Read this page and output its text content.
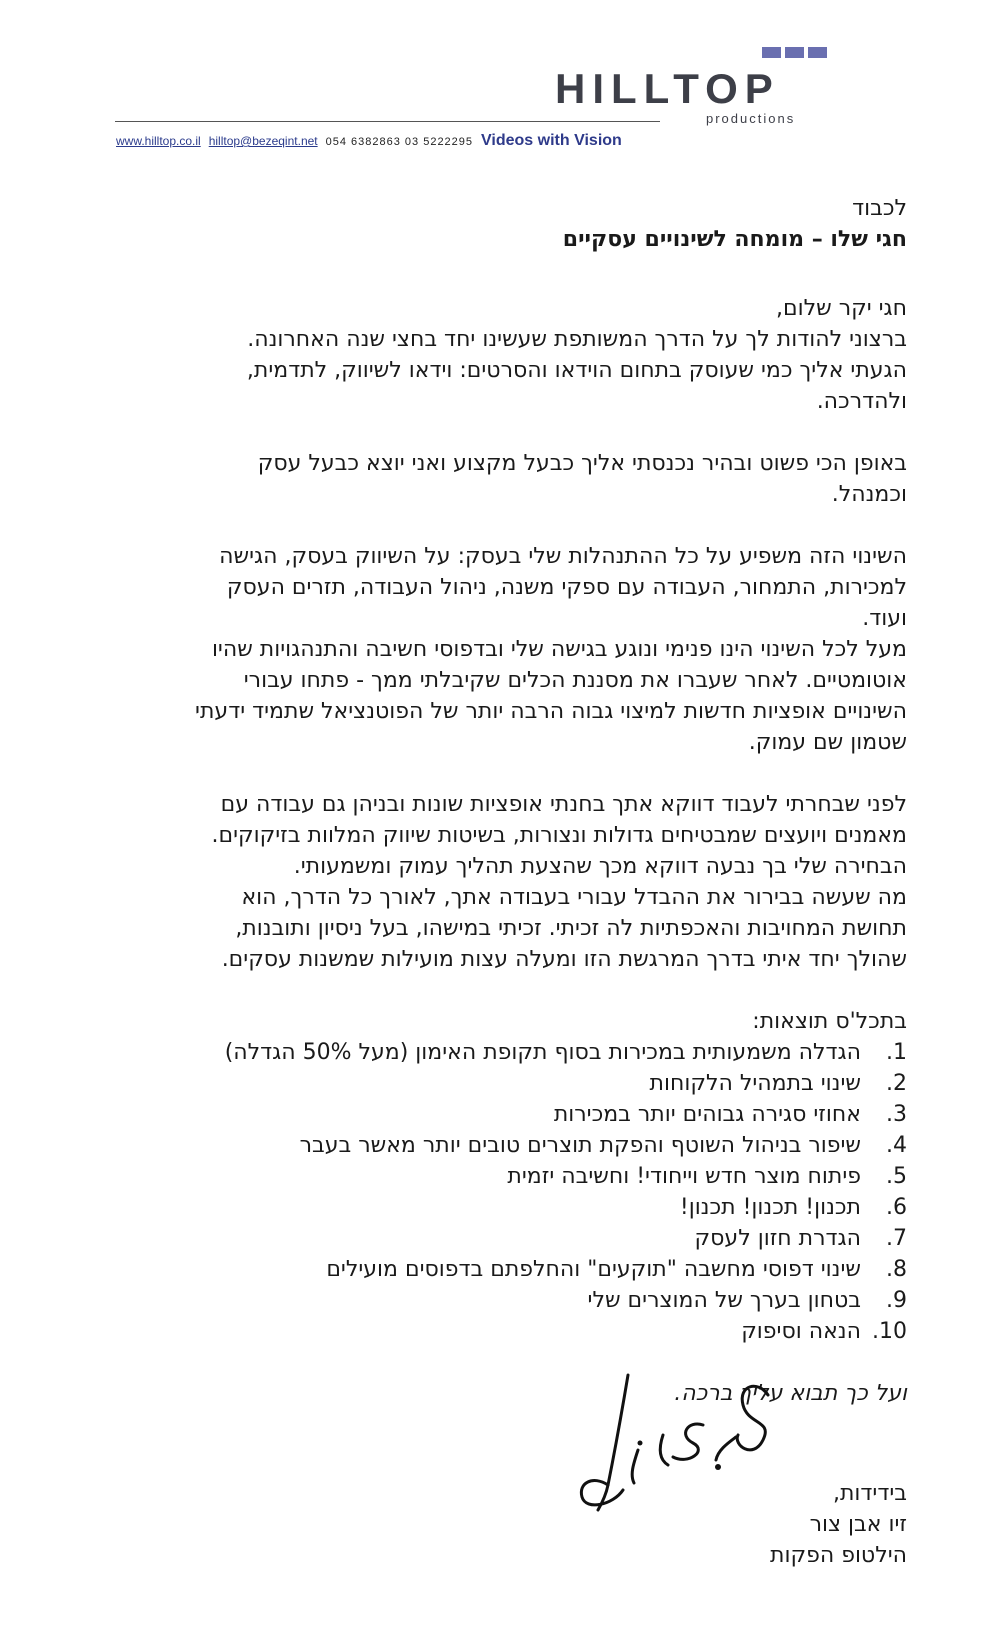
HILLTOP
productions
www.hilltop.co.il hilltop@bezeqint.net 054 6382863 03 5222295 Videos with Vision
לכבוד
חגי שלו – מומחה לשינויים עסקיים
חגי יקר שלום,
ברצוני להודות לך על הדרך המשותפת שעשינו יחד בחצי שנה האחרונה.
הגעתי אליך כמי שעוסק בתחום הוידאו והסרטים: וידאו לשיווק, לתדמית,
ולהדרכה.
באופן הכי פשוט ובהיר נכנסתי אליך כבעל מקצוע ואני יוצא כבעל עסק
וכמנהל.
השינוי הזה משפיע על כל ההתנהלות שלי בעסק: על השיווק בעסק, הגישה
למכירות, התמחור, העבודה עם ספקי משנה, ניהול העבודה, תזרים העסק
ועוד.
מעל לכל השינוי הינו פנימי ונוגע בגישה שלי ובדפוסי חשיבה והתנהגויות שהיו
אוטומטיים. לאחר שעברו את מסננת הכלים שקיבלתי ממך - פתחו עבורי
השינויים אופציות חדשות למיצוי גבוה הרבה יותר של הפוטנציאל שתמיד ידעתי
שטמון שם עמוק.
לפני שבחרתי לעבוד דווקא אתך בחנתי אופציות שונות ובניהן גם עבודה עם
מאמנים ויועצים שמבטיחים גדולות ונצורות, בשיטות שיווק המלוות בזיקוקים.
הבחירה שלי בך נבעה דווקא מכך שהצעת תהליך עמוק ומשמעותי.
מה שעשה בבירור את ההבדל עבורי בעבודה אתך, לאורך כל הדרך, הוא
תחושת המחויבות והאכפתיות לה זכיתי. זכיתי במישהו, בעל ניסיון ותובנות,
שהולך יחד איתי בדרך המרגשת הזו ומעלה עצות מועילות שמשנות עסקים.
בתכל'ס תוצאות:
1.הגדלה משמעותית במכירות בסוף תקופת האימון (מעל 50% הגדלה)
2.שינוי בתמהיל הלקוחות
3.אחוזי סגירה גבוהים יותר במכירות
4.שיפור בניהול השוטף והפקת תוצרים טובים יותר מאשר בעבר
5.פיתוח מוצר חדש וייחודי! וחשיבה יזמית
6.תכנון! תכנון! תכנון!
7.הגדרת חזון לעסק
8.שינוי דפוסי מחשבה "תוקעים" והחלפתם בדפוסים מועילים
9.בטחון בערך של המוצרים שלי
10.הנאה וסיפוק
ועל כך תבוא עליך ברכה.
בידידות,
זיו אבן צור
הילטופ הפקות
